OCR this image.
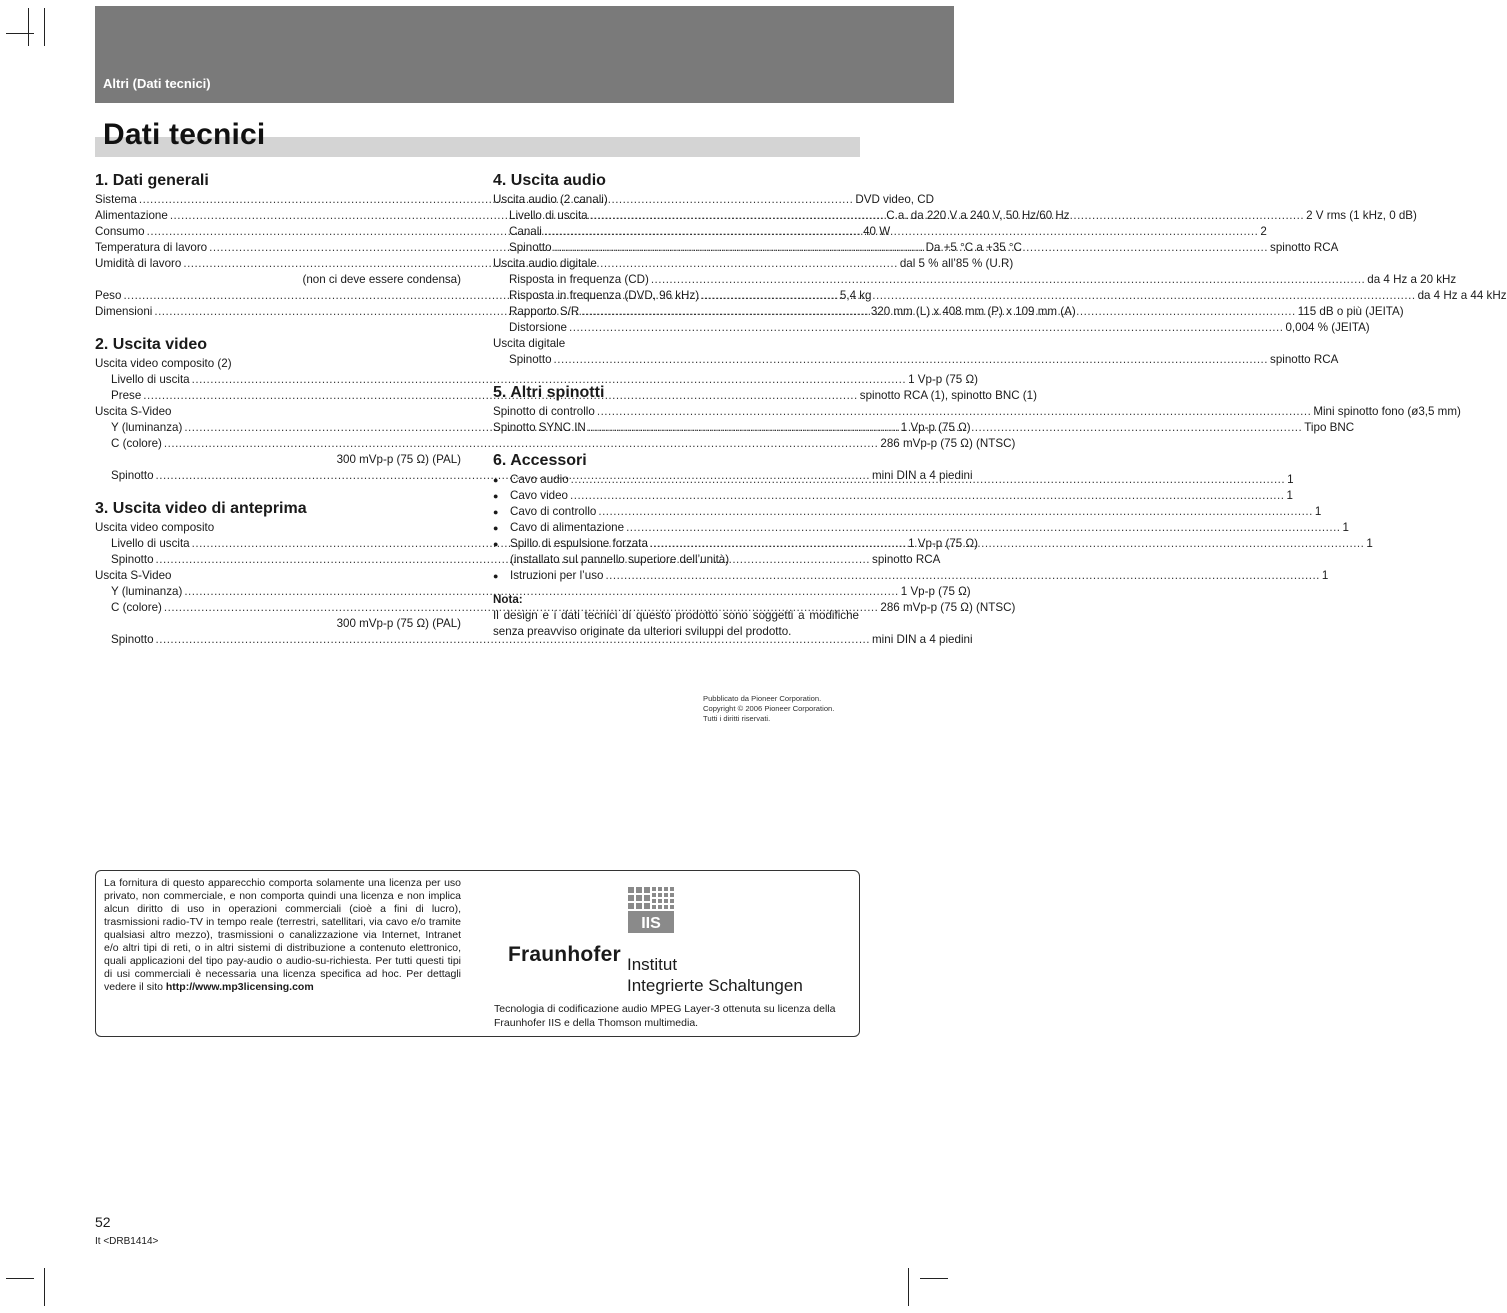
Altri (Dati tecnici)
Dati tecnici
1. Dati generali
Sistema .....	DVD video, CD
Alimentazione .....	C.a. da 220 V a 240 V, 50 Hz/60 Hz
Consumo .....	40 W
Temperatura di lavoro .....	Da +5 °C a +35 °C
Umidità di lavoro .....	dal 5 % all’85 % (U.R)
(non ci deve essere condensa)
Peso .....	5,4 kg
Dimensioni .....	320 mm (L) x 408 mm (P) x 109 mm (A)
2. Uscita video
Uscita video composito (2)
Livello di uscita .....	1 Vp-p (75 Ω)
Prese .....	spinotto RCA (1), spinotto BNC (1)
Uscita S-Video
Y (luminanza) .....	1 Vp-p (75 Ω)
C (colore) .....	286 mVp-p (75 Ω) (NTSC)
300 mVp-p (75 Ω) (PAL)
Spinotto .....	mini DIN a 4 piedini
3. Uscita video di anteprima
Uscita video composito
Livello di uscita .....	1 Vp-p (75 Ω)
Spinotto .....	spinotto RCA
Uscita S-Video
Y (luminanza) .....	1 Vp-p (75 Ω)
C (colore) .....	286 mVp-p (75 Ω) (NTSC)
300 mVp-p (75 Ω) (PAL)
Spinotto .....	mini DIN a 4 piedini
4. Uscita audio
Uscita audio (2 canali)
Livello di uscita .....	2 V rms (1 kHz, 0 dB)
Canali .....	2
Spinotto .....	spinotto RCA
Uscita audio digitale
Risposta in frequenza (CD) .....	da 4 Hz a 20 kHz
Risposta in frequenza (DVD, 96 kHz) .....	da 4 Hz a 44 kHz
Rapporto S/R .....	115 dB o più (JEITA)
Distorsione .....	0,004 % (JEITA)
Uscita digitale
Spinotto .....	spinotto RCA
5. Altri spinotti
Spinotto di controllo .....	Mini spinotto fono (ø3,5 mm)
Spinotto SYNC IN .....	Tipo BNC
6. Accessori
● Cavo audio .....	1
● Cavo video .....	1
● Cavo di controllo .....	1
● Cavo di alimentazione .....	1
● Spillo di espulsione forzata .....	1
(installato sul pannello superiore dell’unità)
● Istruzioni per l’uso .....	1
Nota:
Il design e i dati tecnici di questo prodotto sono soggetti a modifiche senza preavviso originate da ulteriori sviluppi del prodotto.
Pubblicato da Pioneer Corporation.
Copyright © 2006 Pioneer Corporation.
Tutti i diritti riservati.
La fornitura di questo apparecchio comporta solamente una licenza per uso privato, non commerciale, e non comporta quindi una licenza e non implica alcun diritto di uso in operazioni commerciali (cioè a fini di lucro), trasmissioni radio-TV in tempo reale (terrestri, satellitari, via cavo e/o tramite qualsiasi altro mezzo), trasmissioni o canalizzazione via Internet, Intranet e/o altri tipi di reti, o in altri sistemi di distribuzione a contenuto elettronico, quali applicazioni del tipo pay-audio o audio-su-richiesta. Per tutti questi tipi di usi commerciali è necessaria una licenza specifica ad hoc. Per dettagli vedere il sito http://www.mp3licensing.com
IIS
Fraunhofer Institut
Integrierte Schaltungen
Tecnologia di codificazione audio MPEG Layer-3 ottenuta su licenza della Fraunhofer IIS e della Thomson multimedia.
52
It <DRB1414>
